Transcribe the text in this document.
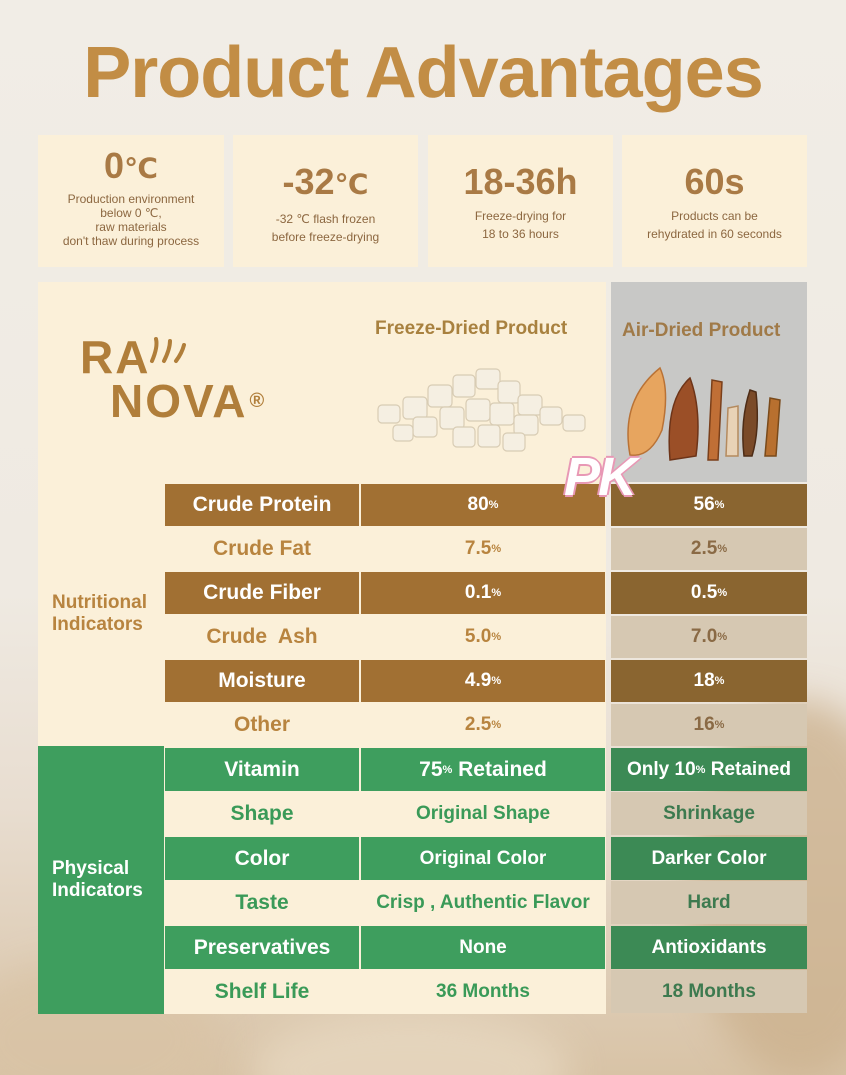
Product Advantages
0℃
Production environment
below 0 ℃,
raw materials
don't thaw during process
-32℃
-32 ℃ flash frozen
before freeze-drying
18-36h
Freeze-drying for
18 to 36 hours
60s
Products can be
rehydrated in 60 seconds
RA
NOVA ®
Freeze-Dried Product	Air-Dried Product
Nutritional Indicators
Crude Protein	80 %	56 %
Crude Fat	7.5 %	2.5 %
Crude Fiber	0.1 %	0.5 %
Crude  Ash	5.0 %	7.0 %
Moisture	4.9 %	18 %
Other	2.5 %	16 %
Physical Indicators
Vitamin	75 % Retained	Only 10 % Retained
Shape	Original Shape	Shrinkage
Color	Original Color	Darker Color
Taste	Crisp , Authentic Flavor	Hard
Preservatives	None	Antioxidants
Shelf Life	36 Months	18 Months
PK
